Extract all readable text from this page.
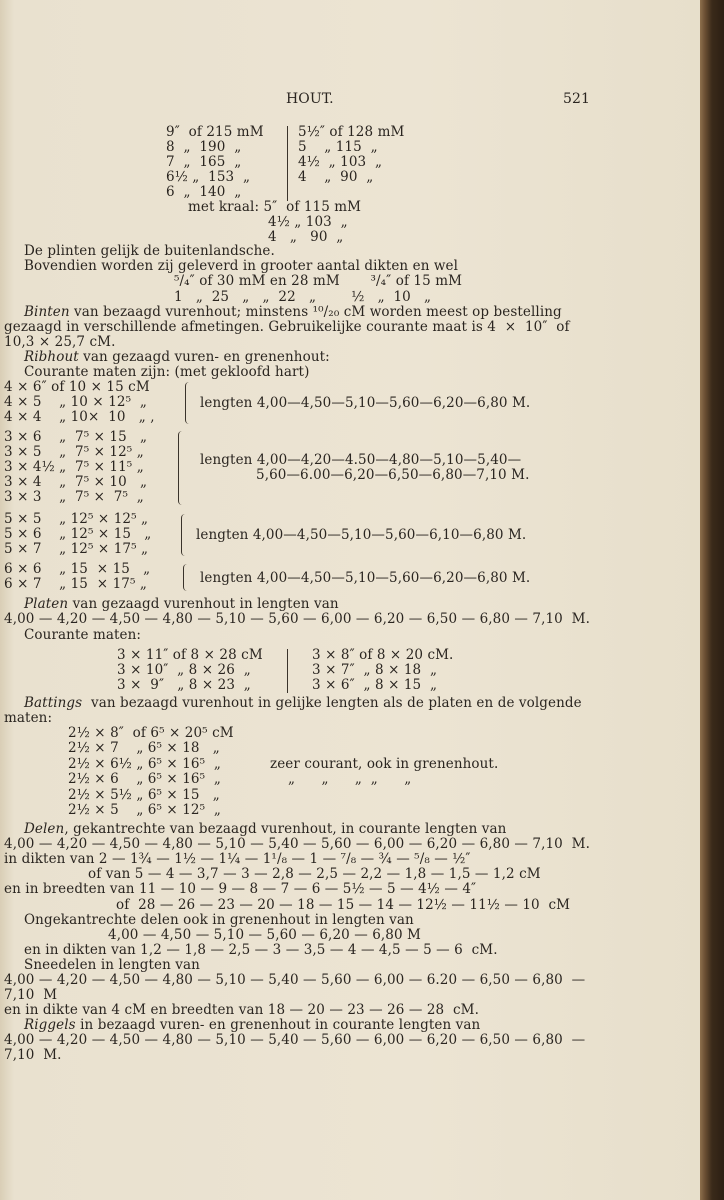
HOUT.	521
9″  of 215 mM
8  „  190  „
7  „  165  „
6½ „  153  „
6  „  140  „
5½″ of 128 mM
5    „ 115  „
4½  „ 103  „
4    „  90  „
met kraal: 5″  of 115 mM
4½ „ 103  „
4   „   90  „
De plinten gelijk de buitenlandsche.
Bovendien worden zij geleverd in grooter aantal dikten en wel
⁵/₄″ of 30 mM en 28 mM       ³/₄″ of 15 mM
1   „  25   „   „  22   „        ½   „  10   „
Binten van bezaagd vurenhout; minstens ¹⁰/₂₀ cM worden meest op bestelling
gezaagd in verschillende afmetingen. Gebruikelijke courante maat is 4  ×  10″  of
10,3 × 25,7 cM.
Ribhout van gezaagd vuren- en grenenhout:
Courante maten zijn: (met gekloofd hart)
4 × 6″ of 10 × 15 cM
4 × 5    „ 10 × 12⁵  „
4 × 4    „ 10×  10   „ ,
lengten 4,00—4,50—5,10—5,60—6,20—6,80 M.
3 × 6    „  7⁵ × 15   „
3 × 5    „  7⁵ × 12⁵ „
3 × 4½ „  7⁵ × 11⁵ „
3 × 4    „  7⁵ × 10   „
3 × 3    „  7⁵ ×  7⁵  „
lengten 4,00—4,20—4.50—4,80—5,10—5,40—
5,60—6.00—6,20—6,50—6,80—7,10 M.
5 × 5    „ 12⁵ × 12⁵ „
5 × 6    „ 12⁵ × 15   „
5 × 7    „ 12⁵ × 17⁵ „
lengten 4,00—4,50—5,10—5,60—6,10—6,80 M.
6 × 6    „ 15  × 15   „
6 × 7    „ 15  × 17⁵ „	lengten 4,00—4,50—5,10—5,60—6,20—6,80 M.
Platen van gezaagd vurenhout in lengten van
4,00 — 4,20 — 4,50 — 4,80 — 5,10 — 5,60 — 6,00 — 6,20 — 6,50 — 6,80 — 7,10  M.
Courante maten:
3 × 11″ of 8 × 28 cM
3 × 10″  „ 8 × 26  „
3 ×  9″   „ 8 × 23  „
3 × 8″ of 8 × 20 cM.
3 × 7″  „ 8 × 18  „
3 × 6″  „ 8 × 15  „
Battings  van bezaagd vurenhout in gelijke lengten als de platen en de volgende
maten:
2½ × 8″  of 6⁵ × 20⁵ cM
2½ × 7    „ 6⁵ × 18   „
2½ × 6½ „ 6⁵ × 16⁵  „
2½ × 6    „ 6⁵ × 16⁵  „
2½ × 5½ „ 6⁵ × 15   „
2½ × 5    „ 6⁵ × 12⁵  „
zeer courant, ook in grenenhout.
„      „      „  „      „
Delen, gekantrechte van bezaagd vurenhout, in courante lengten van
4,00 — 4,20 — 4,50 — 4,80 — 5,10 — 5,40 — 5,60 — 6,00 — 6,20 — 6,80 — 7,10  M.
in dikten van 2 — 1¾ — 1½ — 1¼ — 1¹/₈ — 1 — ⁷/₈ — ¾ — ⁵/₈ — ½″
of van 5 — 4 — 3,7 — 3 — 2,8 — 2,5 — 2,2 — 1,8 — 1,5 — 1,2 cM
en in breedten van 11 — 10 — 9 — 8 — 7 — 6 — 5½ — 5 — 4½ — 4″
of  28 — 26 — 23 — 20 — 18 — 15 — 14 — 12½ — 11½ — 10  cM
Ongekantrechte delen ook in grenenhout in lengten van
4,00 — 4,50 — 5,10 — 5,60 — 6,20 — 6,80 M
en in dikten van 1,2 — 1,8 — 2,5 — 3 — 3,5 — 4 — 4,5 — 5 — 6  cM.
Sneedelen in lengten van
4,00 — 4,20 — 4,50 — 4,80 — 5,10 — 5,40 — 5,60 — 6,00 — 6.20 — 6,50 — 6,80  —
7,10  M
en in dikte van 4 cM en breedten van 18 — 20 — 23 — 26 — 28  cM.
Riggels in bezaagd vuren- en grenenhout in courante lengten van
4,00 — 4,20 — 4,50 — 4,80 — 5,10 — 5,40 — 5,60 — 6,00 — 6,20 — 6,50 — 6,80  —
7,10  M.
